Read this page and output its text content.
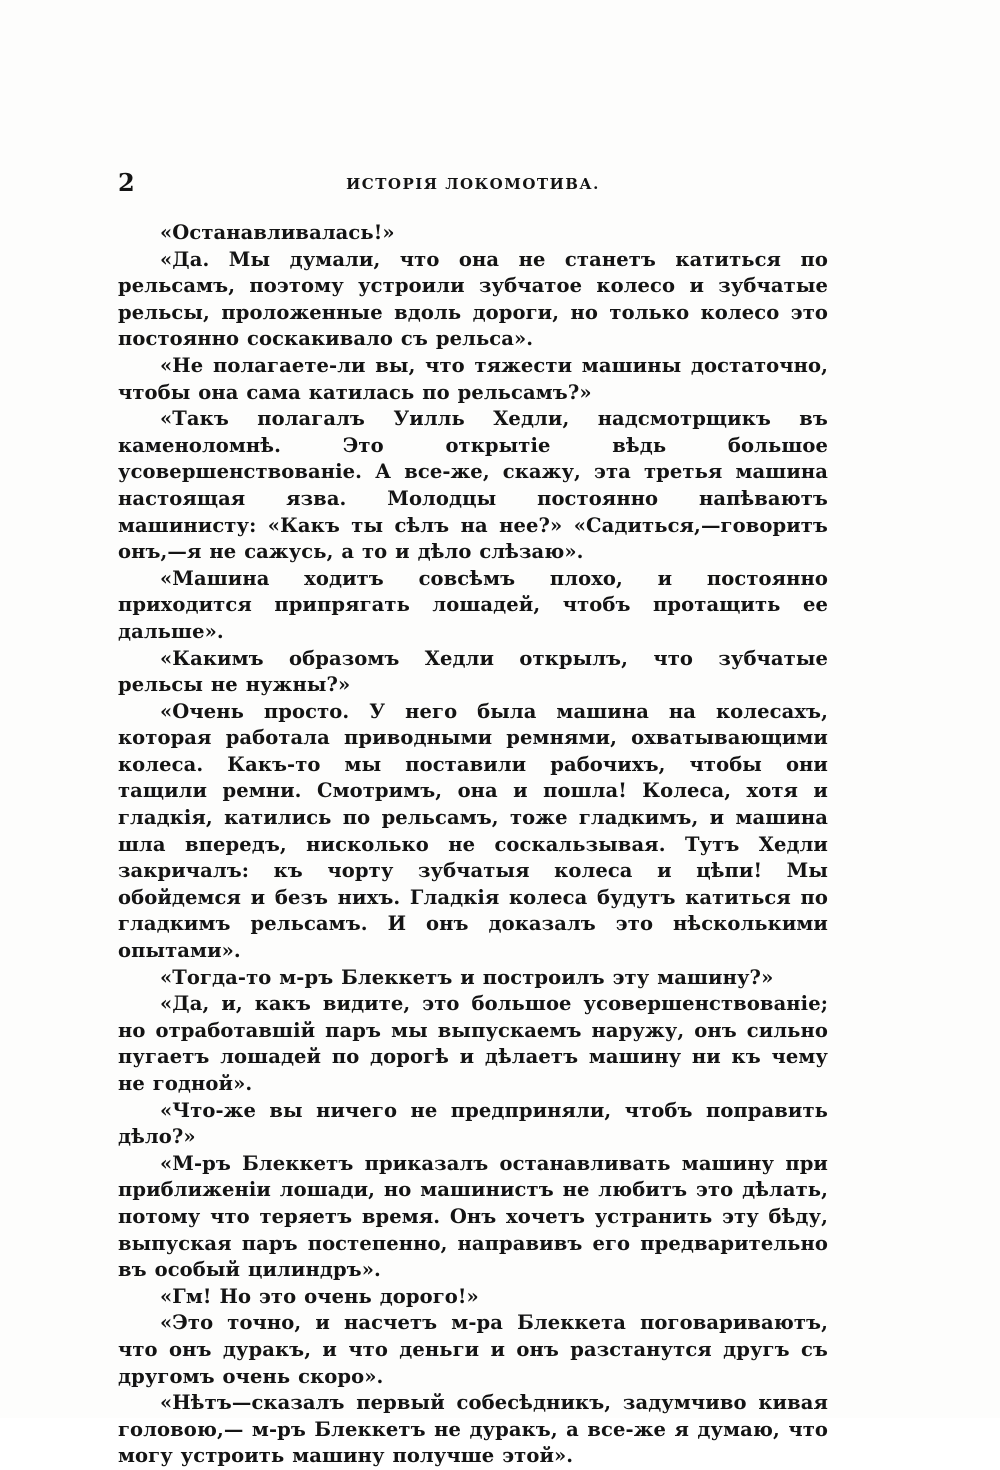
2	ИСТОРІЯ ЛОКОМОТИВА.

«Останавливалась!»

«Да. Мы думали, что она не станетъ катиться по рельсамъ, поэтому устроили зубчатое колесо и зубчатые рельсы, проложенные вдоль дороги, но только колесо это постоянно соскакивало съ рельса».

«Не полагаете-ли вы, что тяжести машины достаточно, чтобы она сама катилась по рельсамъ?»

«Такъ полагалъ Уилль Хедли, надсмотрщикъ въ каменоломнѣ. Это открытіе вѣдь большое усовершенствованіе. А все-же, скажу, эта третья машина настоящая язва. Молодцы постоянно напѣваютъ машинисту: «Какъ ты сѣлъ на нее?» «Садиться,—говоритъ онъ,—я не сажусь, а то и дѣло слѣзаю».

«Машина ходитъ совсѣмъ плохо, и постоянно приходится припрягать лошадей, чтобъ протащить ее дальше».

«Какимъ образомъ Хедли открылъ, что зубчатые рельсы не нужны?»

«Очень просто. У него была машина на колесахъ, которая работала приводными ремнями, охватывающими колеса. Какъ-то мы поставили рабочихъ, чтобы они тащили ремни. Смотримъ, она и пошла! Колеса, хотя и гладкія, катились по рельсамъ, тоже гладкимъ, и машина шла впередъ, нисколько не соскальзывая. Тутъ Хедли закричалъ: къ чорту зубчатыя колеса и цѣпи! Мы обойдемся и безъ нихъ. Гладкія колеса будутъ катиться по гладкимъ рельсамъ. И онъ доказалъ это нѣсколькими опытами».

«Тогда-то м-ръ Блеккетъ и построилъ эту машину?»

«Да, и, какъ видите, это большое усовершенствованіе; но отработавшій паръ мы выпускаемъ наружу, онъ сильно пугаетъ лошадей по дорогѣ и дѣлаетъ машину ни къ чему не годной».

«Что-же вы ничего не предприняли, чтобъ поправить дѣло?»

«М-ръ Блеккетъ приказалъ останавливать машину при приближеніи лошади, но машинистъ не любитъ это дѣлать, потому что теряетъ время. Онъ хочетъ устранить эту бѣду, выпуская паръ постепенно, направивъ его предварительно въ особый цилиндръ».

«Гм! Но это очень дорого!»

«Это точно, и насчетъ м-ра Блеккета поговариваютъ, что онъ дуракъ, и что деньги и онъ разстанутся другъ съ другомъ очень скоро».

«Нѣтъ—сказалъ первый собесѣдникъ, задумчиво кивая головою,— м-ръ Блеккетъ не дуракъ, а все-же я думаю, что могу устроить машину получше этой».
